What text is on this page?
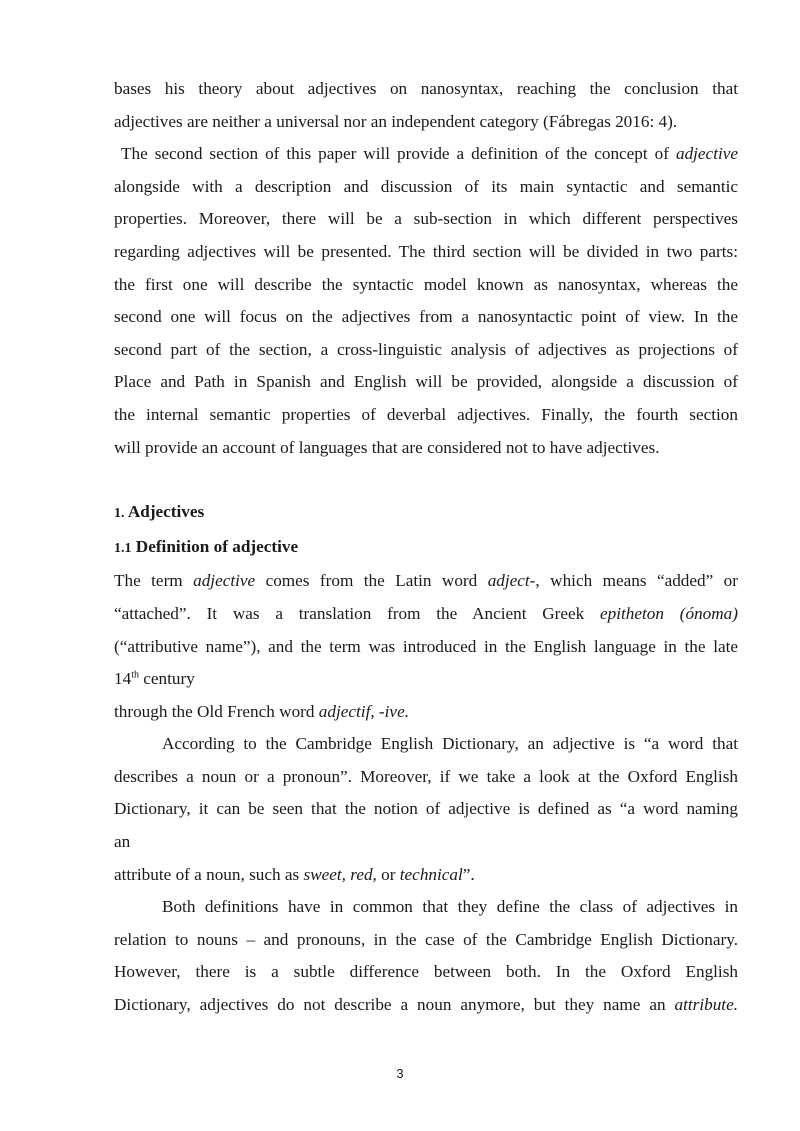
bases his theory about adjectives on nanosyntax, reaching the conclusion that

adjectives are neither a universal nor an independent category (Fábregas 2016: 4).

The second section of this paper will provide a definition of the concept of adjective

alongside with a description and discussion of its main syntactic and semantic

properties. Moreover, there will be a sub-section in which different perspectives

regarding adjectives will be presented. The third section will be divided in two parts:

the first one will describe the syntactic model known as nanosyntax, whereas the

second one will focus on the adjectives from a nanosyntactic point of view. In the

second part of the section, a cross-linguistic analysis of adjectives as projections of

Place and Path in Spanish and English will be provided, alongside a discussion of

the internal semantic properties of deverbal adjectives. Finally, the fourth section

will provide an account of languages that are considered not to have adjectives.

1. Adjectives
1.1 Definition of adjective

The term adjective comes from the Latin word adject-, which means “added” or

“attached”. It was a translation from the Ancient Greek epitheton (ónoma)

(“attributive name”), and the term was introduced in the English language in the late

14th century

through the Old French word adjectif, -ive.

According to the Cambridge English Dictionary, an adjective is “a word that

describes a noun or a pronoun”. Moreover, if we take a look at the Oxford English

Dictionary, it can be seen that the notion of adjective is defined as “a word naming

an

attribute of a noun, such as sweet, red, or technical”.

Both definitions have in common that they define the class of adjectives in

relation to nouns – and pronouns, in the case of the Cambridge English Dictionary.

However, there is a subtle difference between both. In the Oxford English

Dictionary, adjectives do not describe a noun anymore, but they name an attribute.

3
